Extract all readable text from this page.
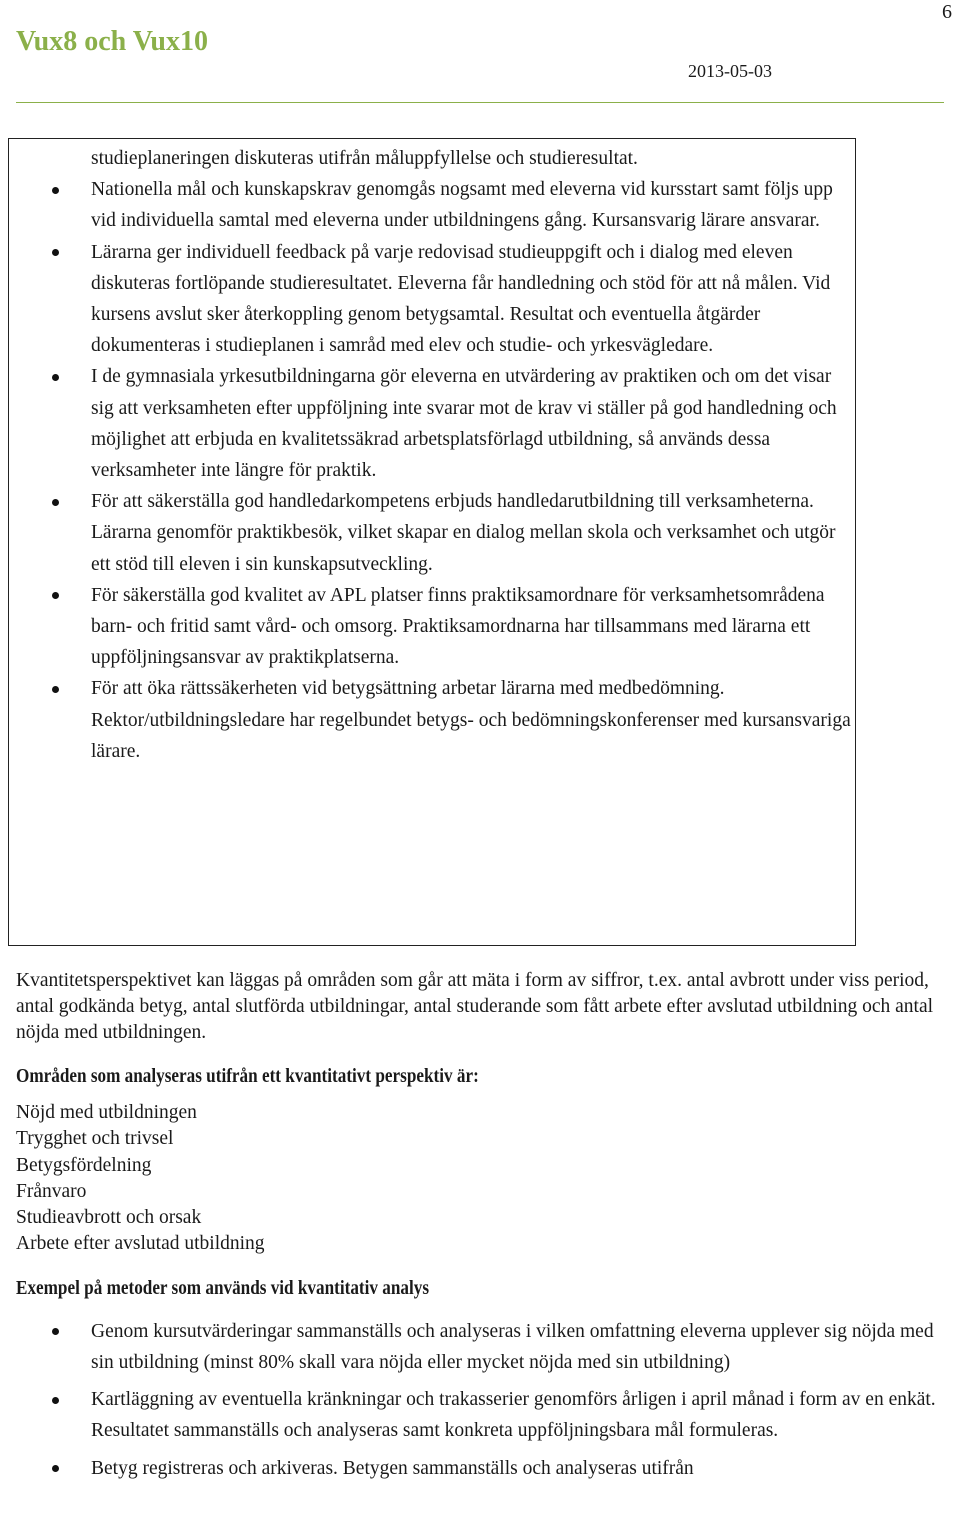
6
Vux8 och Vux10
2013-05-03
studieplaneringen diskuteras utifrån måluppfyllelse och studieresultat.
Nationella mål och kunskapskrav genomgås nogsamt med eleverna vid kursstart samt följs upp vid individuella samtal med eleverna under utbildningens gång. Kursansvarig lärare ansvarar.
Lärarna ger individuell feedback på varje redovisad studieuppgift och i dialog med eleven diskuteras fortlöpande studieresultatet. Eleverna får handledning och stöd för att nå målen. Vid kursens avslut sker återkoppling genom betygsamtal. Resultat och eventuella åtgärder dokumenteras i studieplanen i samråd med elev och studie- och yrkesvägledare.
I de gymnasiala yrkesutbildningarna gör eleverna en utvärdering av praktiken och om det visar sig att verksamheten efter uppföljning inte svarar mot de krav vi ställer på god handledning och möjlighet att erbjuda en kvalitetssäkrad arbetsplatsförlagd utbildning, så används dessa verksamheter inte längre för praktik.
För att säkerställa god handledarkompetens erbjuds handledarutbildning till verksamheterna. Lärarna genomför praktikbesök, vilket skapar en dialog mellan skola och verksamhet och utgör ett stöd till eleven i sin kunskapsutveckling.
För säkerställa god kvalitet av APL platser finns praktiksamordnare för verksamhetsområdena barn- och fritid samt vård- och omsorg. Praktiksamordnarna har tillsammans med lärarna ett uppföljningsansvar av praktikplatserna.
För att öka rättssäkerheten vid betygsättning arbetar lärarna med medbedömning. Rektor/utbildningsledare har regelbundet betygs- och bedömningskonferenser med kursansvariga lärare.

Kvantitetsperspektivet kan läggas på områden som går att mäta i form av siffror, t.ex. antal avbrott under viss period, antal godkända betyg, antal slutförda utbildningar, antal studerande som fått arbete efter avslutad utbildning och antal nöjda med utbildningen.

Områden som analyseras utifrån ett kvantitativt perspektiv är:
Nöjd med utbildningen
Trygghet och trivsel
Betygsfördelning
Frånvaro
Studieavbrott och orsak
Arbete efter avslutad utbildning
Exempel på metoder som används vid kvantitativ analys
Genom kursutvärderingar sammanställs och analyseras i vilken omfattning eleverna upplever sig nöjda med sin utbildning (minst 80% skall vara nöjda eller mycket nöjda med sin utbildning)
Kartläggning av eventuella kränkningar och trakasserier genomförs årligen i april månad i form av en enkät. Resultatet sammanställs och analyseras samt konkreta uppföljningsbara mål formuleras.
Betyg registreras och arkiveras. Betygen sammanställs och analyseras utifrån
